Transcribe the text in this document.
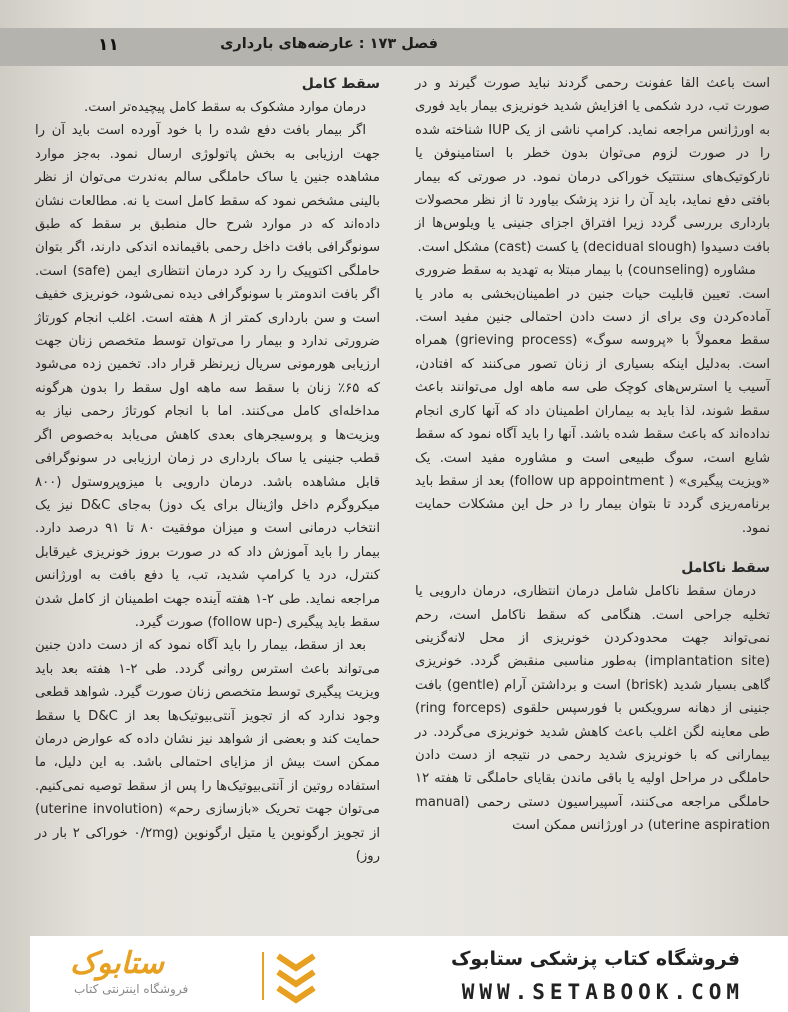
۱۱	فصل ۱۷۳ : عارضه‌های بارداری
سقط کامل

درمان موارد مشکوک به سقط کامل پیچیده‌تر است.

اگر بیمار بافت دفع شده را با خود آورده است باید آن را جهت ارزیابی به بخش پاتولوژی ارسال نمود. به‌جز موارد مشاهده جنین یا ساک حاملگی سالم به‌ندرت می‌توان از نظر بالینی مشخص نمود که سقط کامل است یا نه. مطالعات نشان داده‌اند که در موارد شرح حال منطبق بر سقط که طبق سونوگرافی بافت داخل رحمی باقیمانده اندکی دارند، اگر بتوان حاملگی اکتوپیک را رد کرد درمان انتظاری ایمن (safe) است. اگر بافت اندومتر با سونوگرافی دیده نمی‌شود، خونریزی خفیف است و سن بارداری کمتر از ۸ هفته است. اغلب انجام کورتاژ ضرورتی ندارد و بیمار را می‌توان توسط متخصص زنان جهت ارزیابی هورمونی سریال زیرنظر قرار داد. تخمین زده می‌شود که ۶۵٪ زنان با سقط سه ماهه اول سقط را بدون هرگونه مداخله‌ای کامل می‌کنند. اما با انجام کورتاژ رحمی نیاز به ویزیت‌ها و پروسیجرهای بعدی کاهش می‌یابد به‌خصوص اگر قطب جنینی یا ساک بارداری در زمان ارزیابی در سونوگرافی قابل مشاهده باشد. درمان دارویی با میزوپروستول (۸۰۰ میکروگرم داخل واژینال برای یک دوز) به‌جای D&C نیز یک انتخاب درمانی است و میزان موفقیت ۸۰ تا ۹۱ درصد دارد. بیمار را باید آموزش داد که در صورت بروز خونریزی غیرقابل کنترل، درد یا کرامپ شدید، تب، یا دفع بافت به اورژانس مراجعه نماید. طی ۲-۱ هفته آینده جهت اطمینان از کامل شدن سقط باید پیگیری (-follow up) صورت گیرد.

بعد از سقط، بیمار را باید آگاه نمود که از دست دادن جنین می‌تواند باعث استرس روانی گردد. طی ۲-۱ هفته بعد باید ویزیت پیگیری توسط متخصص زنان صورت گیرد. شواهد قطعی وجود ندارد که از تجویز آنتی‌بیوتیک‌ها بعد از D&C یا سقط حمایت کند و بعضی از شواهد نیز نشان داده که عوارض درمان ممکن است بیش از مزایای احتمالی باشد. به این دلیل، ما استفاده روتین از آنتی‌بیوتیک‌ها را پس از سقط توصیه نمی‌کنیم. می‌توان جهت تحریک «بازسازی رحم» (uterine involution) از تجویز ارگونوین یا متیل ارگونوین (۰/۲mg خوراکی ۲ بار در روز)

است باعث القا عفونت رحمی گردند نباید صورت گیرند و در صورت تب، درد شکمی یا افزایش شدید خونریزی بیمار باید فوری به اورژانس مراجعه نماید. کرامپ ناشی از یک IUP شناخته شده را در صورت لزوم می‌توان بدون خطر با استامینوفن یا نارکوتیک‌های سنتتیک خوراکی درمان نمود. در صورتی که بیمار بافتی دفع نماید، باید آن را نزد پزشک بیاورد تا از نظر محصولات بارداری بررسی گردد زیرا افتراق اجزای جنینی یا ویلوس‌ها از بافت دسیدوا (decidual slough) یا کست (cast) مشکل است.

مشاوره (counseling) با بیمار مبتلا به تهدید به سقط ضروری است. تعیین قابلیت حیات جنین در اطمینان‌بخشی به مادر یا آماده‌کردن وی برای از دست دادن احتمالی جنین مفید است. سقط معمولاً با «پروسه سوگ» (grieving process) همراه است. به‌دلیل اینکه بسیاری از زنان تصور می‌کنند که افتادن، آسیب یا استرس‌های کوچک طی سه ماهه اول می‌توانند باعث سقط شوند، لذا باید به بیماران اطمینان داد که آنها کاری انجام نداده‌اند که باعث سقط شده باشد. آنها را باید آگاه نمود که سقط شایع است، سوگ طبیعی است و مشاوره مفید است. یک «ویزیت پیگیری» ( follow up appointment) بعد از سقط باید برنامه‌ریزی گردد تا بتوان بیمار را در حل این مشکلات حمایت نمود.

سقط ناکامل

درمان سقط ناکامل شامل درمان انتظاری، درمان دارویی یا تخلیه جراحی است. هنگامی که سقط ناکامل است، رحم نمی‌تواند جهت محدودکردن خونریزی از محل لانه‌گزینی (implantation site) به‌طور مناسبی منقبض گردد. خونریزی گاهی بسیار شدید (brisk) است و برداشتن آرام (gentle) بافت جنینی از دهانه سرویکس با فورسپس حلقوی (ring forceps) طی معاینه لگن اغلب باعث کاهش شدید خونریزی می‌گردد. در بیمارانی که با خونریزی شدید رحمی در نتیجه از دست دادن حاملگی در مراحل اولیه یا باقی ماندن بقایای حاملگی تا هفته ۱۲ حاملگی مراجعه می‌کنند، آسپیراسیون دستی رحمی (manual uterine aspiration) در اورژانس ممکن است

ستابوک
فروشگاه اینترنتی کتاب
فروشگاه کتاب پزشکی ستابوک
WWW.SETABOOK.COM
